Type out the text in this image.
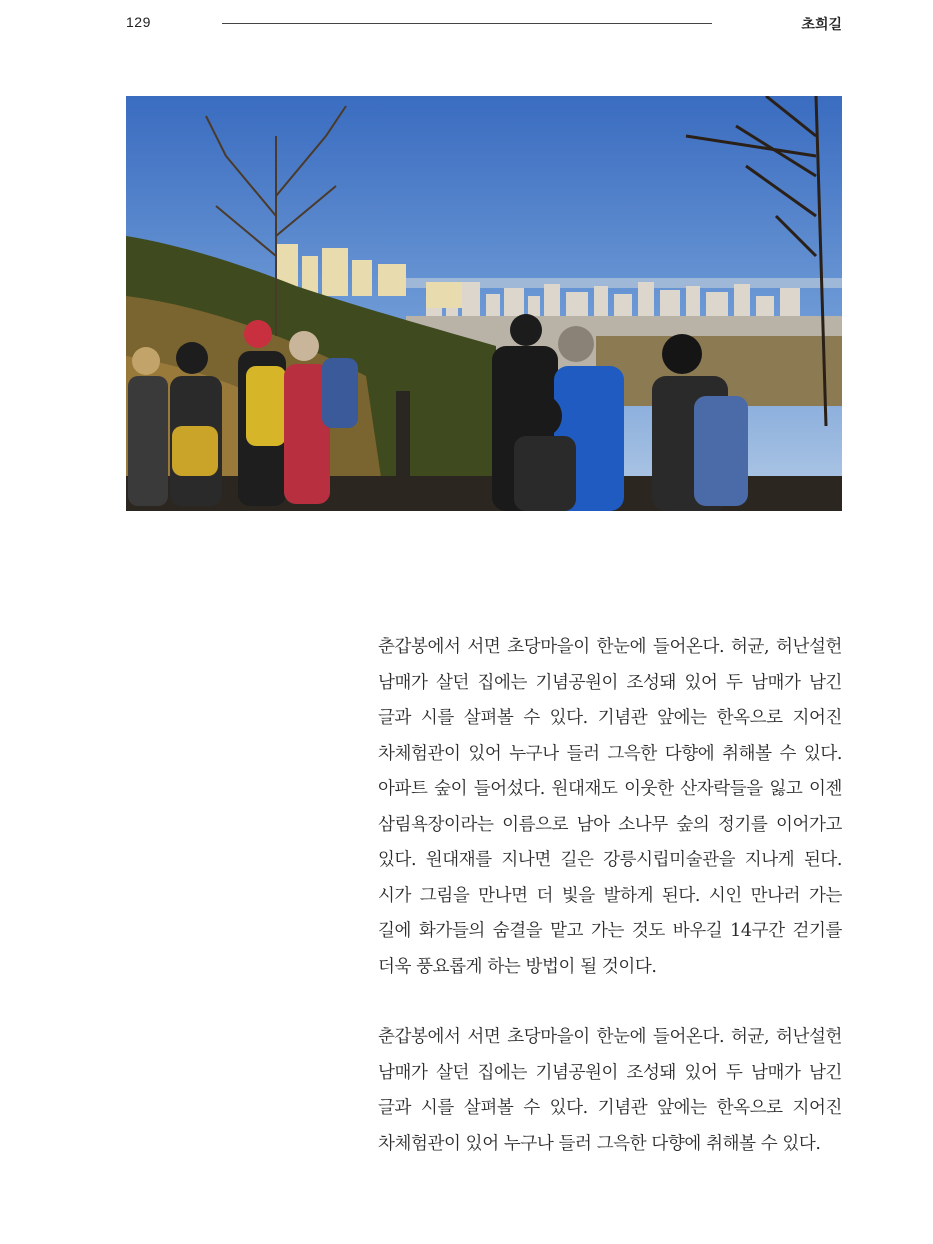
129	초희길

춘갑봉에서 서면 초당마을이 한눈에 들어온다. 허균, 허난설헌 남매가 살던 집에는 기념공원이 조성돼 있어 두 남매가 남긴 글과 시를 살펴볼 수 있다. 기념관 앞에는 한옥으로 지어진 차체험관이 있어 누구나 들러 그윽한 다향에 취해볼 수 있다. 아파트 숲이 들어섰다. 원대재도 이웃한 산자락들을 잃고 이젠 삼림욕장이라는 이름으로 남아 소나무 숲의 정기를 이어가고 있다. 원대재를 지나면 길은 강릉시립미술관을 지나게 된다. 시가 그림을 만나면 더 빛을 발하게 된다. 시인 만나러 가는 길에 화가들의 숨결을 맡고 가는 것도 바우길 14구간 걷기를 더욱 풍요롭게 하는 방법이 될 것이다.

춘갑봉에서 서면 초당마을이 한눈에 들어온다. 허균, 허난설헌 남매가 살던 집에는 기념공원이 조성돼 있어 두 남매가 남긴 글과 시를 살펴볼 수 있다. 기념관 앞에는 한옥으로 지어진 차체험관이 있어 누구나 들러 그윽한 다향에 취해볼 수 있다.
